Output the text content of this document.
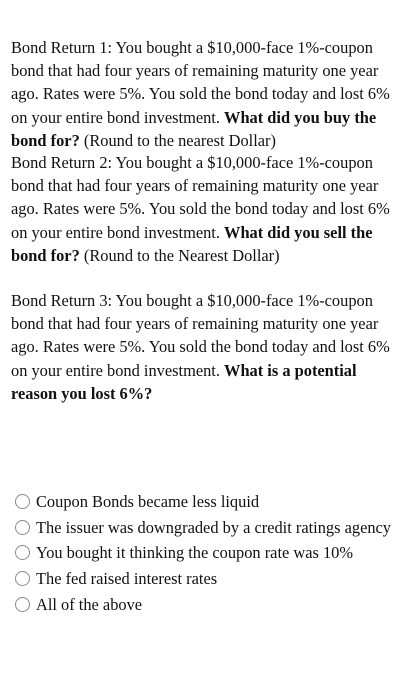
Bond Return 1: You bought a $10,000-face 1%-coupon bond that had four years of remaining maturity one year ago. Rates were 5%. You sold the bond today and lost 6% on your entire bond investment. What did you buy the bond for? (Round to the nearest Dollar)

Bond Return 2: You bought a $10,000-face 1%-coupon bond that had four years of remaining maturity one year ago. Rates were 5%. You sold the bond today and lost 6% on your entire bond investment. What did you sell the bond for? (Round to the Nearest Dollar)

Bond Return 3: You bought a $10,000-face 1%-coupon bond that had four years of remaining maturity one year ago. Rates were 5%. You sold the bond today and lost 6% on your entire bond investment. What is a potential reason you lost 6%?

Coupon Bonds became less liquid
The issuer was downgraded by a credit ratings agency
You bought it thinking the coupon rate was 10%
The fed raised interest rates
All of the above
